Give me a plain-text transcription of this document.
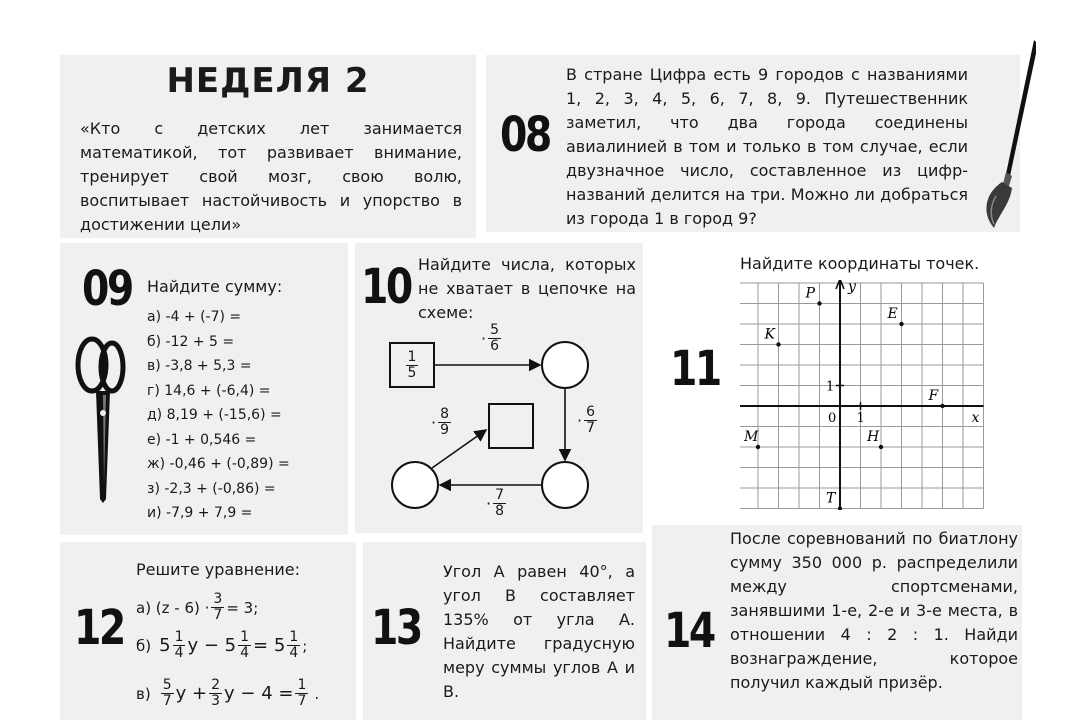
НЕДЕЛЯ 2
«Кто с детских лет занимается математикой, тот развивает внимание, тренирует свой мозг, свою волю, воспитывает настойчивость и упорство в достижении цели»
08
В стране Цифра есть 9 городов с названиями 1, 2, 3, 4, 5, 6, 7, 8, 9. Путешественник заметил, что два города соединены авиалинией в том и только в том случае, если двузначное число, составленное из цифр-названий делится на три. Можно ли добраться из города 1 в город 9?
09 Найдите сумму:
а) -4 + (-7) =
б) -12 + 5 =
в) -3,8 + 5,3 =
г) 14,6 + (-6,4) =
д) 8,19 + (-15,6) =
е) -1 + 0,546 =
ж) -0,46 + (-0,89) =
з) -2,3 + (-0,86) =
и) -7,9 + 7,9 =
10 Найдите числа, которых не хватает в цепочке на схеме:
$\frac{1}{5}$
· $\frac{5}{6}$
· $\frac{6}{7}$
· $\frac{7}{8}$
· $\frac{8}{9}$
11
Найдите координаты точек.
x
y
0 1
1
P
E
K
F
H
M
T
12
Решите уравнение:
а) $(z - 6) \cdot \frac{3}{7} = 3$;
б) $5 \frac{1}{4}$ $y - 5 \frac{1}{4} = 5 \frac{1}{4}$ ;
$в) \frac{5}{7}$ $y + \frac{2}{3}$ $y - 4 = \frac{1}{7}$ .
13
Угол А равен 40°, а угол В составляет 135% от угла А. Найдите градусную меру суммы углов А и В.
14
После соревнований по биатлону сумму 350 000 р. распределили между спортсменами, занявшими 1-е, 2-е и 3-е места, в отношении 4 : 2 : 1. Найди вознаграждение, которое получил каждый призёр.
